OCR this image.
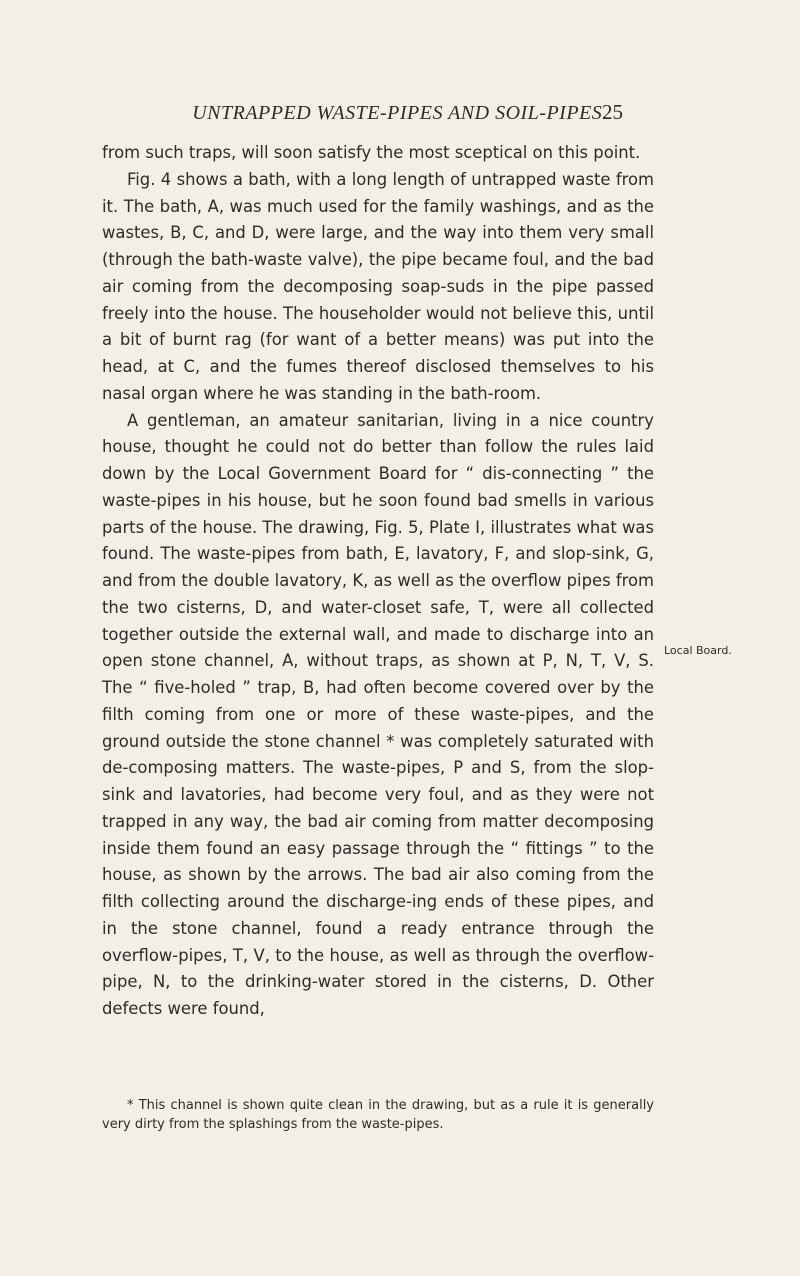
UNTRAPPED WASTE-PIPES AND SOIL-PIPES.
25

from such traps, will soon satisfy the most sceptical on this point.

Fig. 4 shows a bath, with a long length of untrapped waste from it. The bath, A, was much used for the family washings, and as the wastes, B, C, and D, were large, and the way into them very small (through the bath-waste valve), the pipe became foul, and the bad air coming from the decomposing soap-suds in the pipe passed freely into the house. The householder would not believe this, until a bit of burnt rag (for want of a better means) was put into the head, at C, and the fumes thereof disclosed themselves to his nasal organ where he was standing in the bath-room.

A gentleman, an amateur sanitarian, living in a nice country house, thought he could not do better than follow the rules laid down by the Local Government Board for “ dis-connecting ” the waste-pipes in his house, but he soon found bad smells in various parts of the house. The drawing, Fig. 5, Plate I, illustrates what was found. The waste-pipes from bath, E, lavatory, F, and slop-sink, G, and from the double lavatory, K, as well as the overflow pipes from the two cisterns, D, and water-closet safe, T, were all collected together outside the external wall, and made to discharge into an open stone channel, A, without traps, as shown at P, N, T, V, S. The “ five-holed ” trap, B, had often become covered over by the filth coming from one or more of these waste-pipes, and the ground outside the stone channel * was completely saturated with de-composing matters. The waste-pipes, P and S, from the slop-sink and lavatories, had become very foul, and as they were not trapped in any way, the bad air coming from matter decomposing inside them found an easy passage through the “ fittings ” to the house, as shown by the arrows. The bad air also coming from the filth collecting around the discharge-ing ends of these pipes, and in the stone channel, found a ready entrance through the overflow-pipes, T, V, to the house, as well as through the overflow-pipe, N, to the drinking-water stored in the cisterns, D. Other defects were found,

Local Board.

* This channel is shown quite clean in the drawing, but as a rule it is generally very dirty from the splashings from the waste-pipes.
